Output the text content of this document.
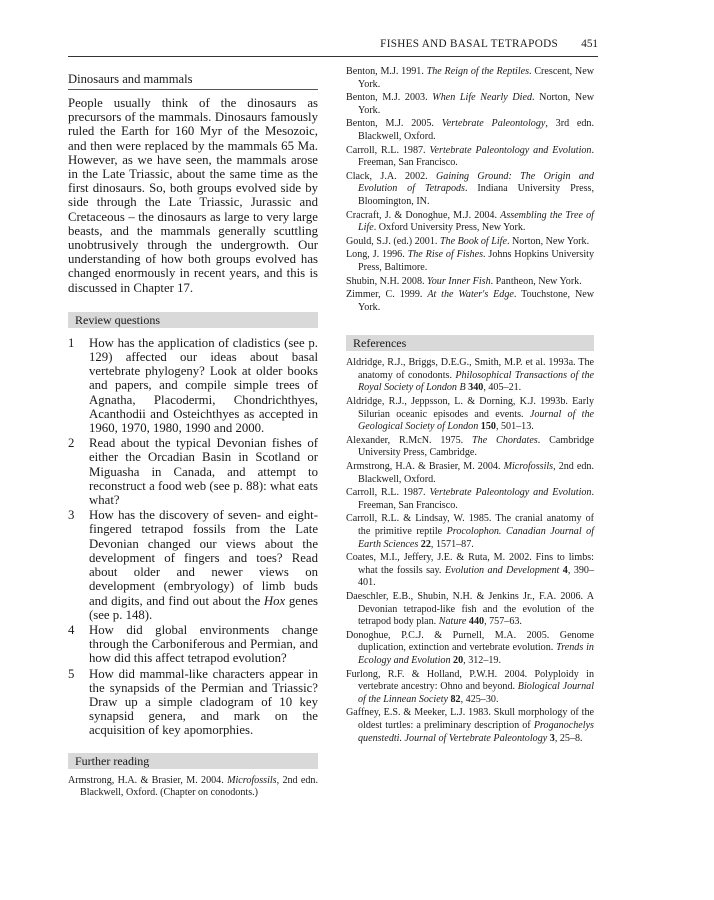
FISHES AND BASAL TETRAPODS 451
Dinosaurs and mammals

People usually think of the dinosaurs as precursors of the mammals. Dinosaurs famously ruled the Earth for 160 Myr of the Mesozoic, and then were replaced by the mammals 65 Ma. However, as we have seen, the mammals arose in the Late Triassic, about the same time as the first dinosaurs. So, both groups evolved side by side through the Late Triassic, Jurassic and Cretaceous – the dinosaurs as large to very large beasts, and the mammals generally scuttling unobtrusively through the undergrowth. Our understanding of how both groups evolved has changed enormously in recent years, and this is discussed in Chapter 17.

Review questions
1 How has the application of cladistics (see p. 129) affected our ideas about basal vertebrate phylogeny? Look at older books and papers, and compile simple trees of Agnatha, Placodermi, Chondrichthyes, Acanthodii and Osteichthyes as accepted in 1960, 1970, 1980, 1990 and 2000.
2 Read about the typical Devonian fishes of either the Orcadian Basin in Scotland or Miguasha in Canada, and attempt to reconstruct a food web (see p. 88): what eats what?
3 How has the discovery of seven- and eight-fingered tetrapod fossils from the Late Devonian changed our views about the development of fingers and toes? Read about older and newer views on development (embryology) of limb buds and digits, and find out about the Hox genes (see p. 148).
4 How did global environments change through the Carboniferous and Permian, and how did this affect tetrapod evolution?
5 How did mammal-like characters appear in the synapsids of the Permian and Triassic? Draw up a simple cladogram of 10 key synapsid genera, and mark on the acquisition of key apomorphies.
Further reading

Armstrong, H.A. & Brasier, M. 2004. Microfossils, 2nd edn. Blackwell, Oxford. (Chapter on conodonts.)

Benton, M.J. 1991. The Reign of the Reptiles. Crescent, New York.

Benton, M.J. 2003. When Life Nearly Died. Norton, New York.

Benton, M.J. 2005. Vertebrate Paleontology, 3rd edn. Blackwell, Oxford.

Carroll, R.L. 1987. Vertebrate Paleontology and Evolution. Freeman, San Francisco.

Clack, J.A. 2002. Gaining Ground: The Origin and Evolution of Tetrapods. Indiana University Press, Bloomington, IN.

Cracraft, J. & Donoghue, M.J. 2004. Assembling the Tree of Life. Oxford University Press, New York.

Gould, S.J. (ed.) 2001. The Book of Life. Norton, New York.

Long, J. 1996. The Rise of Fishes. Johns Hopkins University Press, Baltimore.

Shubin, N.H. 2008. Your Inner Fish. Pantheon, New York.

Zimmer, C. 1999. At the Water's Edge. Touchstone, New York.

References

Aldridge, R.J., Briggs, D.E.G., Smith, M.P. et al. 1993a. The anatomy of conodonts. Philosophical Transactions of the Royal Society of London B 340, 405–21.

Aldridge, R.J., Jeppsson, L. & Dorning, K.J. 1993b. Early Silurian oceanic episodes and events. Journal of the Geological Society of London 150, 501–13.

Alexander, R.McN. 1975. The Chordates. Cambridge University Press, Cambridge.

Armstrong, H.A. & Brasier, M. 2004. Microfossils, 2nd edn. Blackwell, Oxford.

Carroll, R.L. 1987. Vertebrate Paleontology and Evolution. Freeman, San Francisco.

Carroll, R.L. & Lindsay, W. 1985. The cranial anatomy of the primitive reptile Procolophon. Canadian Journal of Earth Sciences 22, 1571–87.

Coates, M.I., Jeffery, J.E. & Ruta, M. 2002. Fins to limbs: what the fossils say. Evolution and Development 4, 390–401.

Daeschler, E.B., Shubin, N.H. & Jenkins Jr., F.A. 2006. A Devonian tetrapod-like fish and the evolution of the tetrapod body plan. Nature 440, 757–63.

Donoghue, P.C.J. & Purnell, M.A. 2005. Genome duplication, extinction and vertebrate evolution. Trends in Ecology and Evolution 20, 312–19.

Furlong, R.F. & Holland, P.W.H. 2004. Polyploidy in vertebrate ancestry: Ohno and beyond. Biological Journal of the Linnean Society 82, 425–30.

Gaffney, E.S. & Meeker, L.J. 1983. Skull morphology of the oldest turtles: a preliminary description of Proganochelys quenstedti. Journal of Vertebrate Paleontology 3, 25–8.
